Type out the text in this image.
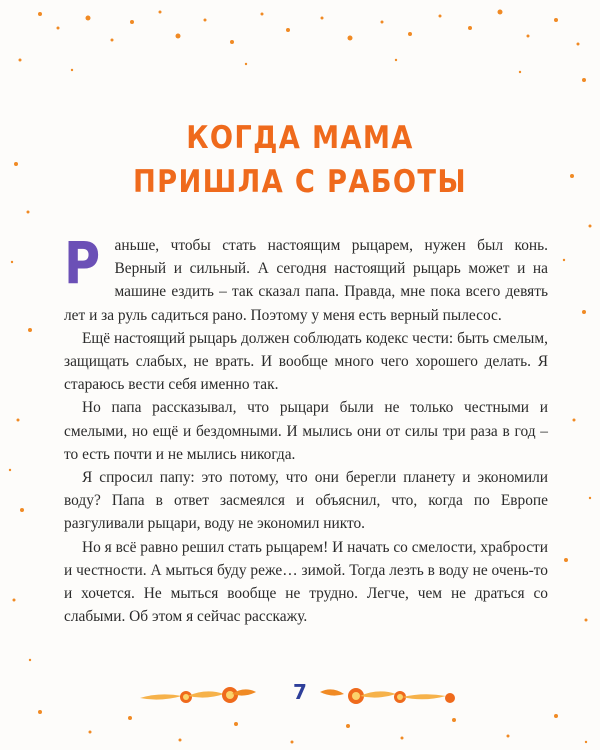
КОГДА МАМА
ПРИШЛА С РАБОТЫ

Раньше, чтобы стать настоящим рыцарем, нужен был конь. Верный и сильный. А сегодня настоящий рыцарь может и на машине ездить – так сказал папа. Правда, мне пока всего девять лет и за руль садиться рано. Поэтому у меня есть верный пылесос.

Ещё настоящий рыцарь должен соблюдать кодекс чести: быть смелым, защищать слабых, не врать. И вообще много чего хорошего делать. Я стараюсь вести себя именно так.

Но папа рассказывал, что рыцари были не только честными и смелыми, но ещё и бездомными. И мылись они от силы три раза в год – то есть почти и не мылись никогда.

Я спросил папу: это потому, что они берегли планету и экономили воду? Папа в ответ засмеялся и объяснил, что, когда по Европе разгуливали рыцари, воду не экономил никто.

Но я всё равно решил стать рыцарем! И начать со смелости, храбрости и честности. А мыться буду реже… зимой. Тогда лезть в воду не очень-то и хочется. Не мыться вообще не трудно. Легче, чем не драться со слабыми. Об этом я сейчас расскажу.

7
